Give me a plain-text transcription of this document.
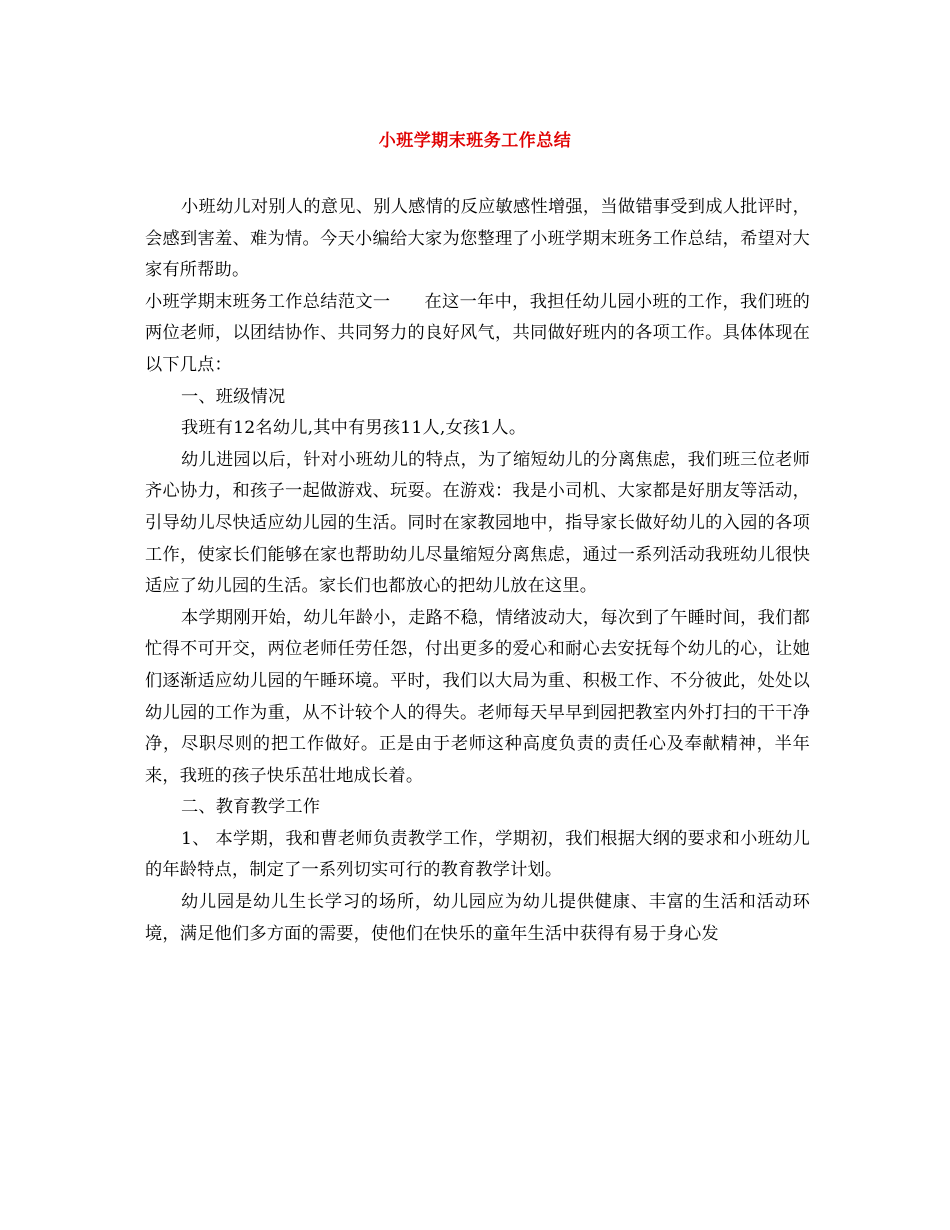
小班学期末班务工作总结

小班幼儿对别人的意见、别人感情的反应敏感性增强，当做错事受到成人批评时，会感到害羞、难为情。今天小编给大家为您整理了小班学期末班务工作总结，希望对大家有所帮助。

小班学期末班务工作总结范文一 在这一年中，我担任幼儿园小班的工作，我们班的两位老师，以团结协作、共同努力的良好风气，共同做好班内的各项工作。具体体现在以下几点：

一、班级情况

我班有12名幼儿,其中有男孩11人,女孩1人。

幼儿进园以后，针对小班幼儿的特点，为了缩短幼儿的分离焦虑，我们班三位老师齐心协力，和孩子一起做游戏、玩耍。在游戏：我是小司机、大家都是好朋友等活动，引导幼儿尽快适应幼儿园的生活。同时在家教园地中，指导家长做好幼儿的入园的各项工作，使家长们能够在家也帮助幼儿尽量缩短分离焦虑，通过一系列活动我班幼儿很快适应了幼儿园的生活。家长们也都放心的把幼儿放在这里。

本学期刚开始，幼儿年龄小，走路不稳，情绪波动大，每次到了午睡时间，我们都忙得不可开交，两位老师任劳任怨，付出更多的爱心和耐心去安抚每个幼儿的心，让她们逐渐适应幼儿园的午睡环境。平时，我们以大局为重、积极工作、不分彼此，处处以幼儿园的工作为重，从不计较个人的得失。老师每天早早到园把教室内外打扫的干干净净，尽职尽则的把工作做好。正是由于老师这种高度负责的责任心及奉献精神，半年来，我班的孩子快乐茁壮地成长着。

二、教育教学工作

1、 本学期，我和曹老师负责教学工作，学期初，我们根据大纲的要求和小班幼儿的年龄特点，制定了一系列切实可行的教育教学计划。

幼儿园是幼儿生长学习的场所，幼儿园应为幼儿提供健康、丰富的生活和活动环境，满足他们多方面的需要，使他们在快乐的童年生活中获得有易于身心发
